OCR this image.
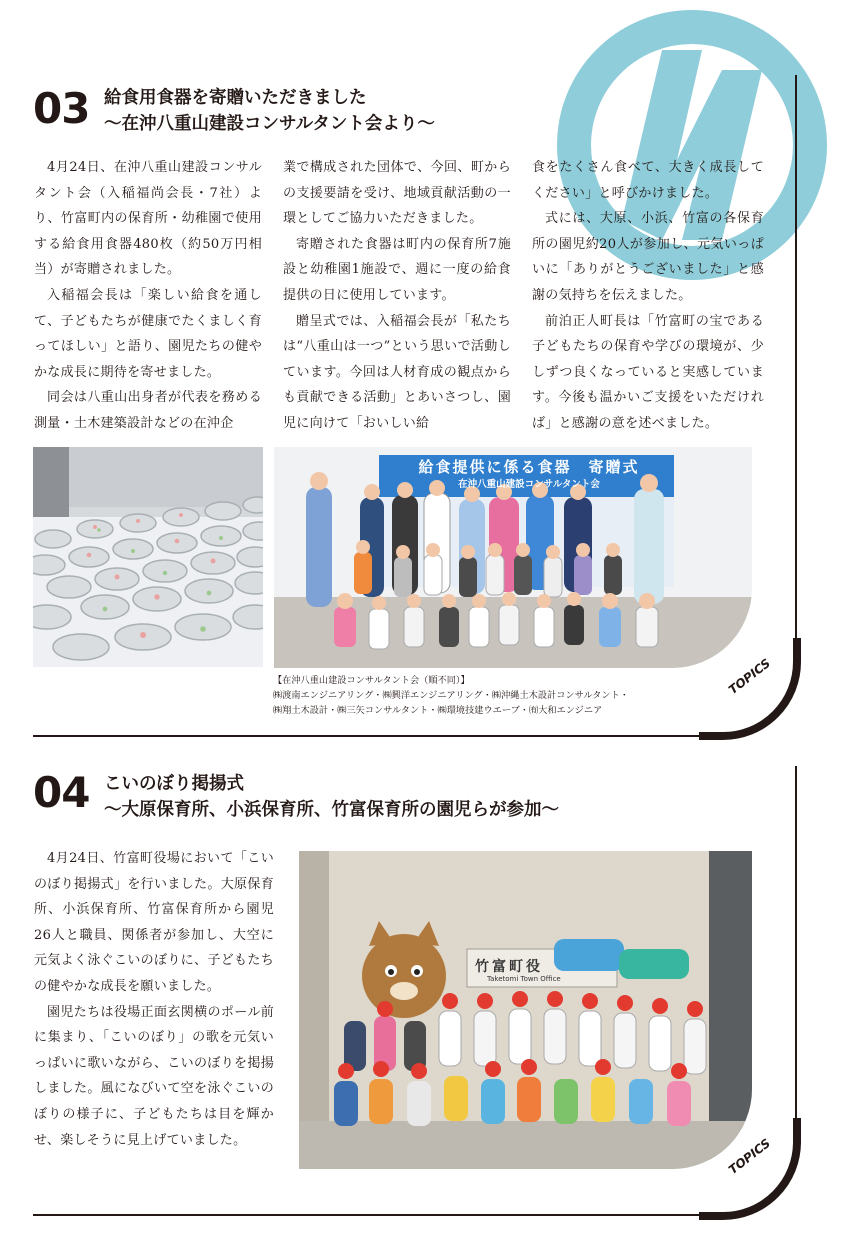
03 給食用食器を寄贈いただきました
〜在沖八重山建設コンサルタント会より〜

4月24日、在沖八重山建設コンサルタント会（入稲福尚会長・7社）より、竹富町内の保育所・幼稚園で使用する給食用食器480枚（約50万円相当）が寄贈されました。

入稲福会長は「楽しい給食を通して、子どもたちが健康でたくましく育ってほしい」と語り、園児たちの健やかな成長に期待を寄せました。

同会は八重山出身者が代表を務める測量・土木建築設計などの在沖企

業で構成された団体で、今回、町からの支援要請を受け、地域貢献活動の一環としてご協力いただきました。

寄贈された食器は町内の保育所7施設と幼稚園1施設で、週に一度の給食提供の日に使用しています。

贈呈式では、入稲福会長が「私たちは“八重山は一つ”という思いで活動しています。今回は人材育成の観点からも貢献できる活動」とあいさつし、園児に向けて「おいしい給

食をたくさん食べて、大きく成長してください」と呼びかけました。

式には、大原、小浜、竹富の各保育所の園児約20人が参加し、元気いっぱいに「ありがとうございました」と感謝の気持ちを伝えました。

前泊正人町長は「竹富町の宝である子どもたちの保育や学びの環境が、少しずつ良くなっていると実感しています。今後も温かいご支援をいただければ」と感謝の意を述べました。

給食提供に係る食器　寄贈式
在沖八重山建設コンサルタント会
【在沖八重山建設コンサルタント会（順不同）】
㈱渡南エンジニアリング・㈱興洋エンジニアリング・㈱沖縄土木設計コンサルタント・
㈱翔土木設計・㈱三矢コンサルタント・㈱環境技建ウエーブ・㈲大和エンジニア
TOPICS
04 こいのぼり掲揚式
〜大原保育所、小浜保育所、竹富保育所の園児らが参加〜

4月24日、竹富町役場において「こいのぼり掲揚式」を行いました。大原保育所、小浜保育所、竹富保育所から園児26人と職員、関係者が参加し、大空に元気よく泳ぐこいのぼりに、子どもたちの健やかな成長を願いました。

園児たちは役場正面玄関横のポール前に集まり、「こいのぼり」の歌を元気いっぱいに歌いながら、こいのぼりを掲揚しました。風になびいて空を泳ぐこいのぼりの様子に、子どもたちは目を輝かせ、楽しそうに見上げていました。

竹富町役
Taketomi Town Office
TOPICS
